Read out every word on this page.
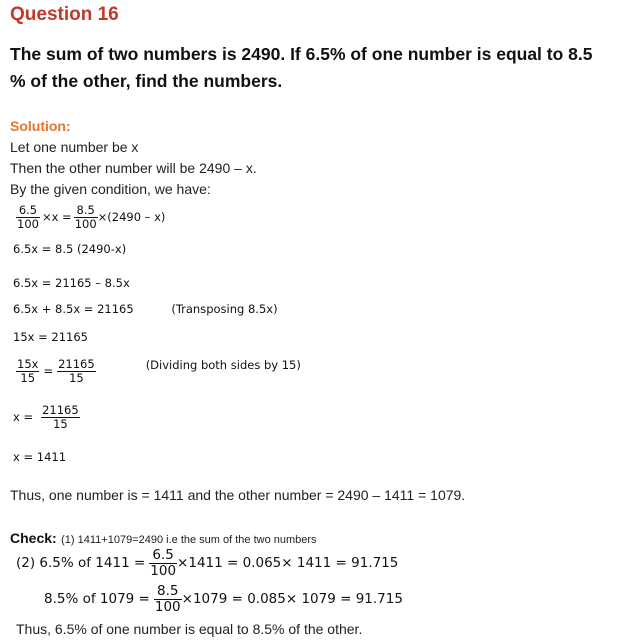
Question 16
The sum of two numbers is 2490. If 6.5% of one number is equal to 8.5
% of the other, find the numbers.
Solution:
Let one number be x
Then the other number will be 2490 – x.
By the given condition, we have:
$\frac{6.5}{100} \times x = \frac{8.5}{100} \times(2490 - x)$
6.5x = 8.5 (2490-x)
6.5x = 21165 – 8.5x
6.5x + 8.5x = 21165	(Transposing 8.5x)
15x = 21165
$\frac{15x}{15} = \frac{21165}{15}$	(Dividing both sides by 15)
$x = \frac{21165}{15}$
x = 1411
Thus, one number is = 1411 and the other number = 2490 – 1411 = 1079.
Check: (1) 1411+1079=2490 i.e the sum of the two numbers
(2) 6.5% of $1411 = \frac{6.5}{100} \times 1411 = 0.065\times 1411 = 91.715$
8.5% of $1079 = \frac{8.5}{100} \times 1079 = 0.085\times 1079 = 91.715$
Thus, 6.5% of one number is equal to 8.5% of the other.
